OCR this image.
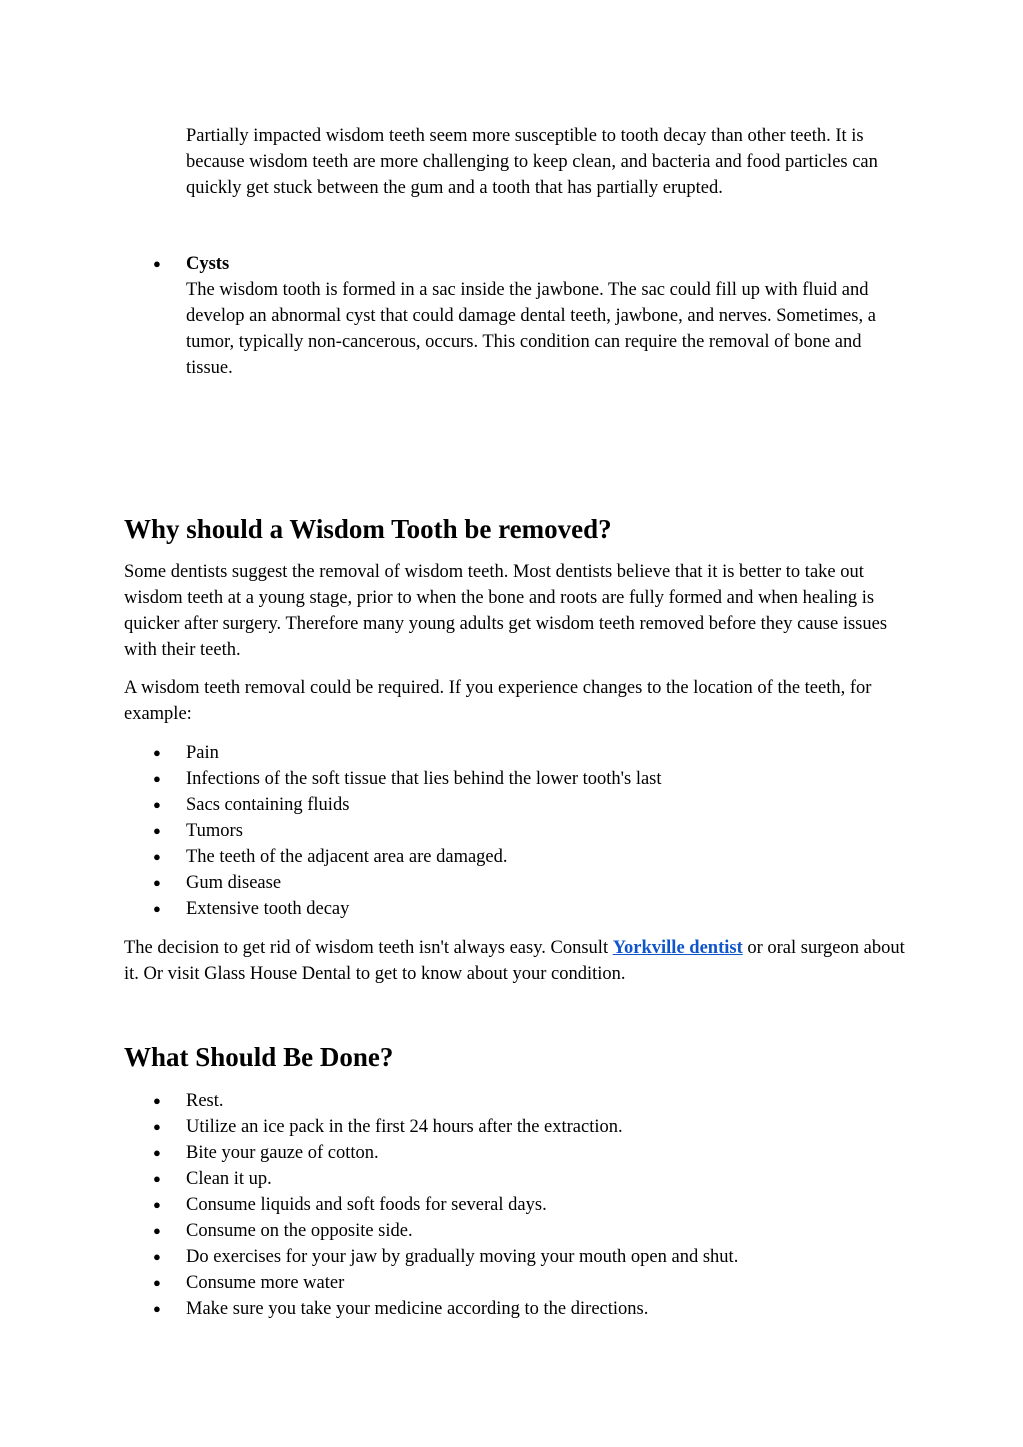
Partially impacted wisdom teeth seem more susceptible to tooth decay than other teeth. It is because wisdom teeth are more challenging to keep clean, and bacteria and food particles can quickly get stuck between the gum and a tooth that has partially erupted.
● Cysts
The wisdom tooth is formed in a sac inside the jawbone. The sac could fill up with fluid and develop an abnormal cyst that could damage dental teeth, jawbone, and nerves. Sometimes, a tumor, typically non-cancerous, occurs. This condition can require the removal of bone and tissue.
Why should a Wisdom Tooth be removed?
Some dentists suggest the removal of wisdom teeth. Most dentists believe that it is better to take out wisdom teeth at a young stage, prior to when the bone and roots are fully formed and when healing is quicker after surgery. Therefore many young adults get wisdom teeth removed before they cause issues with their teeth.
A wisdom teeth removal could be required. If you experience changes to the location of the teeth, for example:
● Pain
● Infections of the soft tissue that lies behind the lower tooth's last
● Sacs containing fluids
● Tumors
● The teeth of the adjacent area are damaged.
● Gum disease
● Extensive tooth decay
The decision to get rid of wisdom teeth isn't always easy. Consult Yorkville dentist or oral surgeon about it. Or visit Glass House Dental to get to know about your condition.
What Should Be Done?
● Rest.
● Utilize an ice pack in the first 24 hours after the extraction.
● Bite your gauze of cotton.
● Clean it up.
● Consume liquids and soft foods for several days.
● Consume on the opposite side.
● Do exercises for your jaw by gradually moving your mouth open and shut.
● Consume more water
● Make sure you take your medicine according to the directions.
